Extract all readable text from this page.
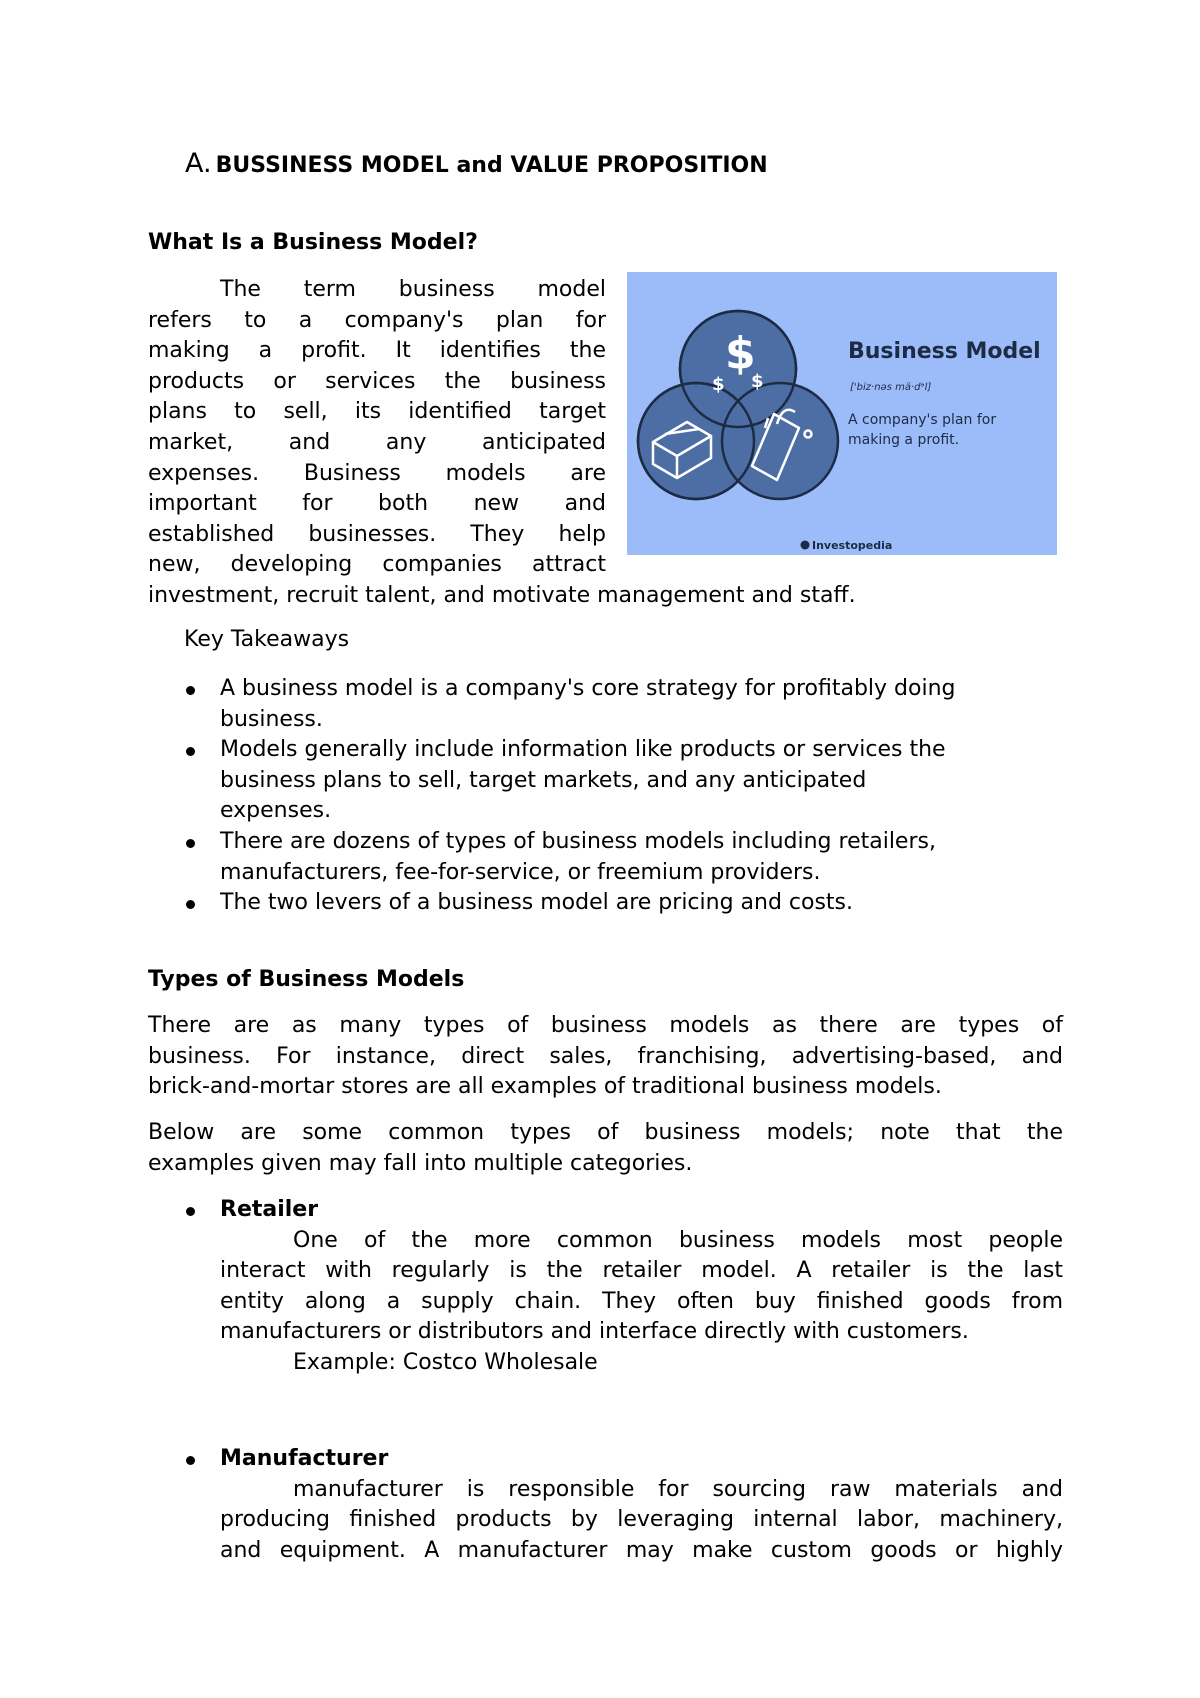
A. BUSSINESS MODEL and VALUE PROPOSITION
What Is a Business Model?
The term business model
refers to a company's plan for
making a profit. It identifies the
products or services the business
plans to sell, its identified target
market, and any anticipated
expenses. Business models are
important for both new and
established businesses. They help
new, developing companies attract
investment, recruit talent, and motivate management and staff.
$
$ $
Business Model
['biz·nəs mä·dᵊl]
A company's plan for
making a profit.
Investopedia
Key Takeaways
A business model is a company's core strategy for profitably doing
business.
Models generally include information like products or services the
business plans to sell, target markets, and any anticipated
expenses.
There are dozens of types of business models including retailers,
manufacturers, fee-for-service, or freemium providers.
The two levers of a business model are pricing and costs.
Types of Business Models
There are as many types of business models as there are types of
business. For instance, direct sales, franchising, advertising-based, and
brick-and-mortar stores are all examples of traditional business models.
Below are some common types of business models; note that the
examples given may fall into multiple categories.
Retailer
One of the more common business models most people
interact with regularly is the retailer model. A retailer is the last
entity along a supply chain. They often buy finished goods from
manufacturers or distributors and interface directly with customers.
Example: Costco Wholesale
Manufacturer
manufacturer is responsible for sourcing raw materials and
producing finished products by leveraging internal labor, machinery,
and equipment. A manufacturer may make custom goods or highly
